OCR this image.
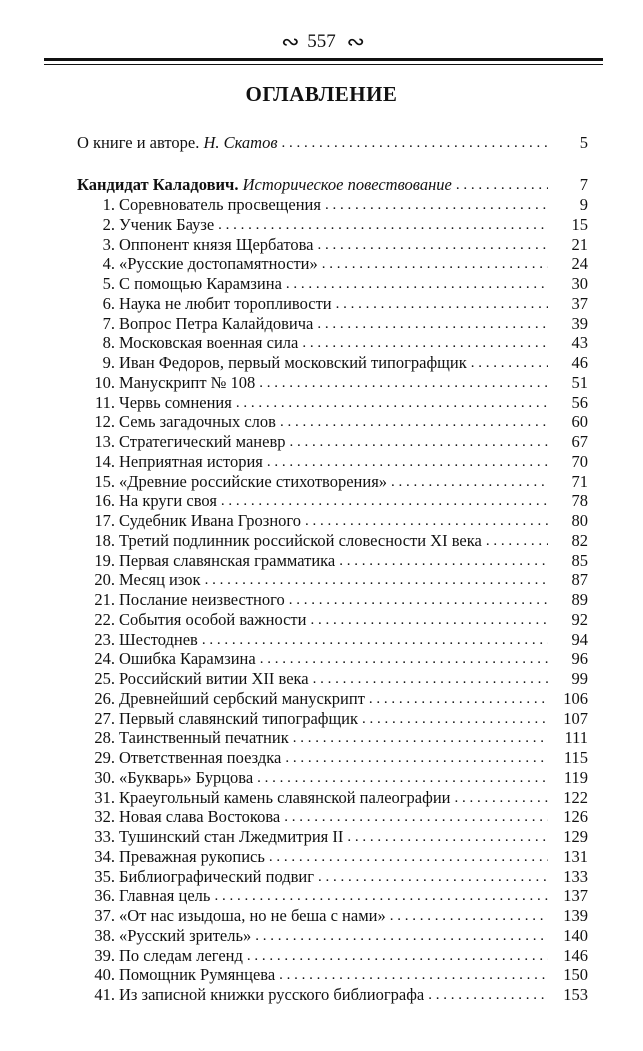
∾ 557 ∾
ОГЛАВЛЕНИЕ
О книге и авторе. Н. Скатов . . .	5
Кандидат Каладович. Историческое повествование . . .	7
1. Соревнователь просвещения . . .	9
2. Ученик Баузе . . .	15
3. Оппонент князя Щербатова . . .	21
4. «Русские достопамятности» . . .	24
5. С помощью Карамзина . . .	30
6. Наука не любит торопливости . . .	37
7. Вопрос Петра Калайдовича . . .	39
8. Московская военная сила . . .	43
9. Иван Федоров, первый московский типографщик . . .	46
10. Манускрипт № 108 . . .	51
11. Червь сомнения . . .	56
12. Семь загадочных слов . . .	60
13. Стратегический маневр . . .	67
14. Неприятная история . . .	70
15. «Древние российские стихотворения» . . .	71
16. На круги своя . . .	78
17. Судебник Ивана Грозного . . .	80
18. Третий подлинник российской словесности XI века . . .	82
19. Первая славянская грамматика . . .	85
20. Месяц изок . . .	87
21. Послание неизвестного . . .	89
22. События особой важности . . .	92
23. Шестоднев . . .	94
24. Ошибка Карамзина . . .	96
25. Российский витии XII века . . .	99
26. Древнейший сербский манускрипт . . .	106
27. Первый славянский типографщик . . .	107
28. Таинственный печатник . . .	111
29. Ответственная поездка . . .	115
30. «Букварь» Бурцова . . .	119
31. Краеугольный камень славянской палеографии . . .	122
32. Новая слава Востокова . . .	126
33. Тушинский стан Лжедмитрия II . . .	129
34. Преважная рукопись . . .	131
35. Библиографический подвиг . . .	133
36. Главная цель . . .	137
37. «От нас изыдоша, но не беша с нами» . . .	139
38. «Русский зритель» . . .	140
39. По следам легенд . . .	146
40. Помощник Румянцева . . .	150
41. Из записной книжки русского библиографа . . .	153
